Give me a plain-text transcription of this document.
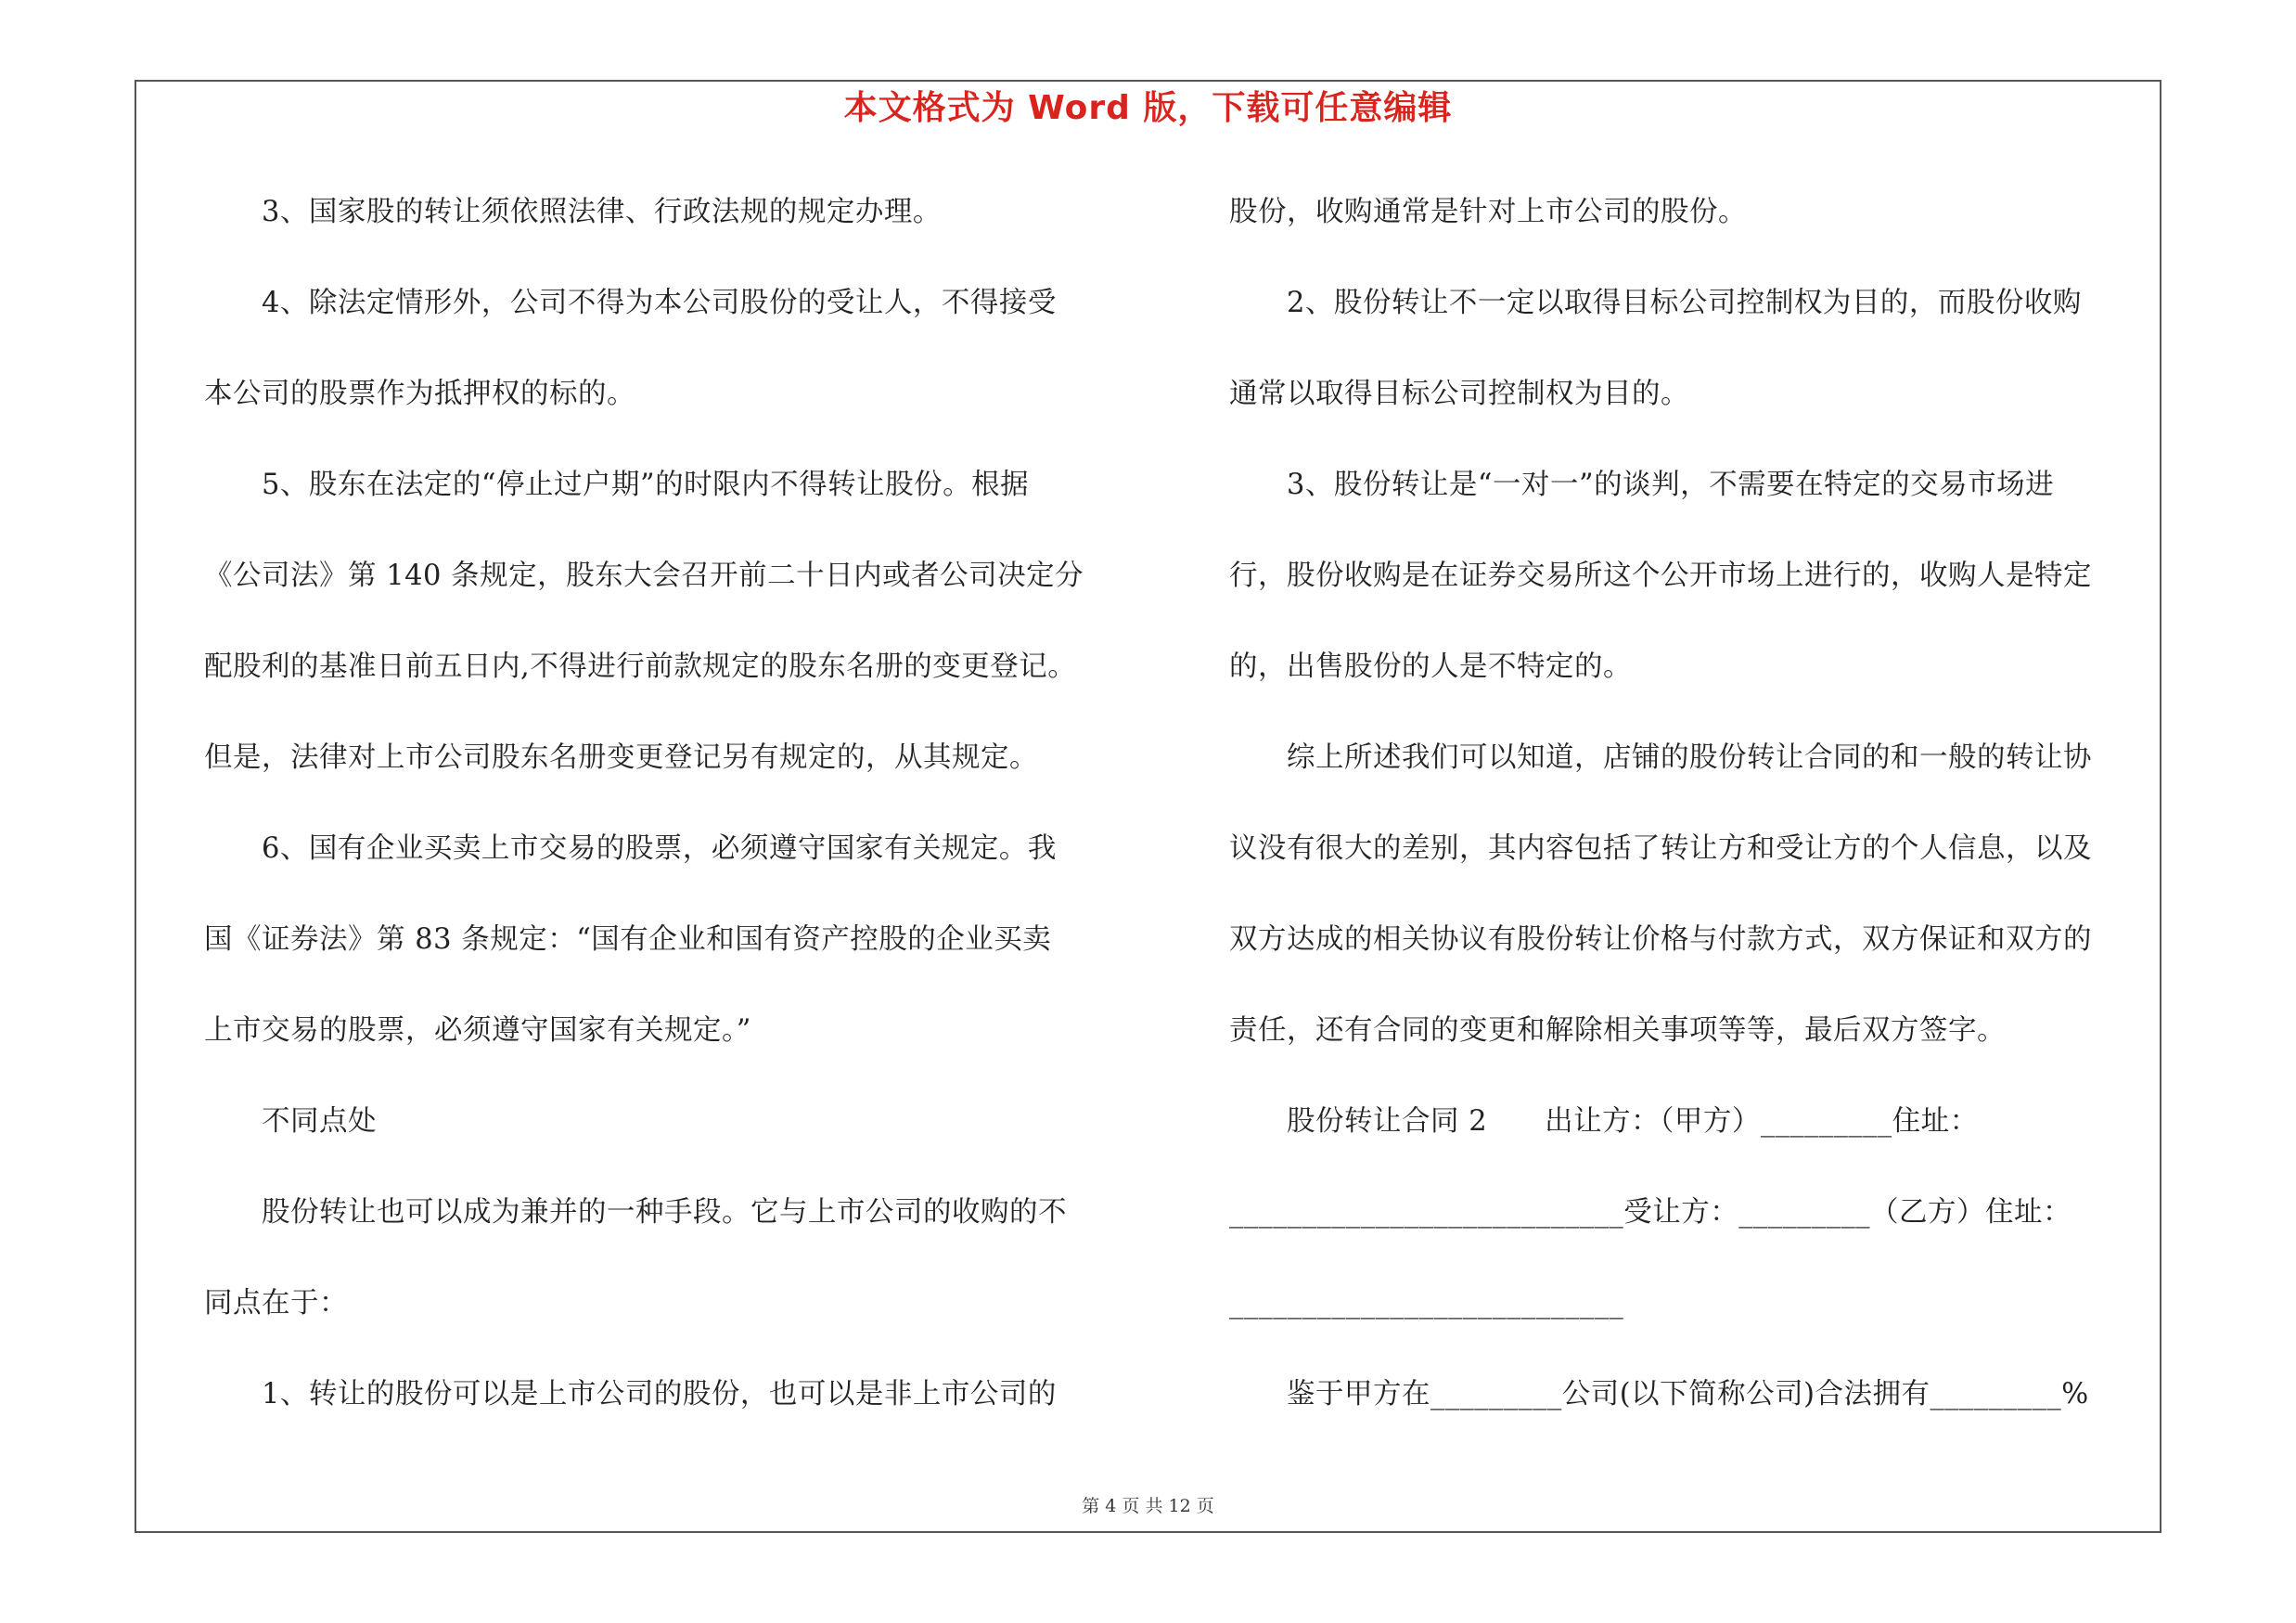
本文格式为 Word 版，下载可任意编辑
3、国家股的转让须依照法律、行政法规的规定办理。
4、除法定情形外，公司不得为本公司股份的受让人，不得接受
本公司的股票作为抵押权的标的。
5、股东在法定的“停止过户期”的时限内不得转让股份。根据
《公司法》第 140 条规定，股东大会召开前二十日内或者公司决定分
配股利的基准日前五日内,不得进行前款规定的股东名册的变更登记。
但是，法律对上市公司股东名册变更登记另有规定的，从其规定。
6、国有企业买卖上市交易的股票，必须遵守国家有关规定。我
国《证券法》第 83 条规定：“国有企业和国有资产控股的企业买卖
上市交易的股票，必须遵守国家有关规定。”
不同点处
股份转让也可以成为兼并的一种手段。它与上市公司的收购的不
同点在于：
1、转让的股份可以是上市公司的股份，也可以是非上市公司的
股份，收购通常是针对上市公司的股份。
2、股份转让不一定以取得目标公司控制权为目的，而股份收购
通常以取得目标公司控制权为目的。
3、股份转让是“一对一”的谈判，不需要在特定的交易市场进
行，股份收购是在证券交易所这个公开市场上进行的，收购人是特定
的，出售股份的人是不特定的。
综上所述我们可以知道，店铺的股份转让合同的和一般的转让协
议没有很大的差别，其内容包括了转让方和受让方的个人信息，以及
双方达成的相关协议有股份转让价格与付款方式，双方保证和双方的
责任，还有合同的变更和解除相关事项等等，最后双方签字。
股份转让合同 2　　出让方：（甲方）_________住址：
___________________________受让方：_________（乙方）住址：
___________________________
鉴于甲方在_________公司(以下简称公司)合法拥有_________%
第 4 页 共 12 页
